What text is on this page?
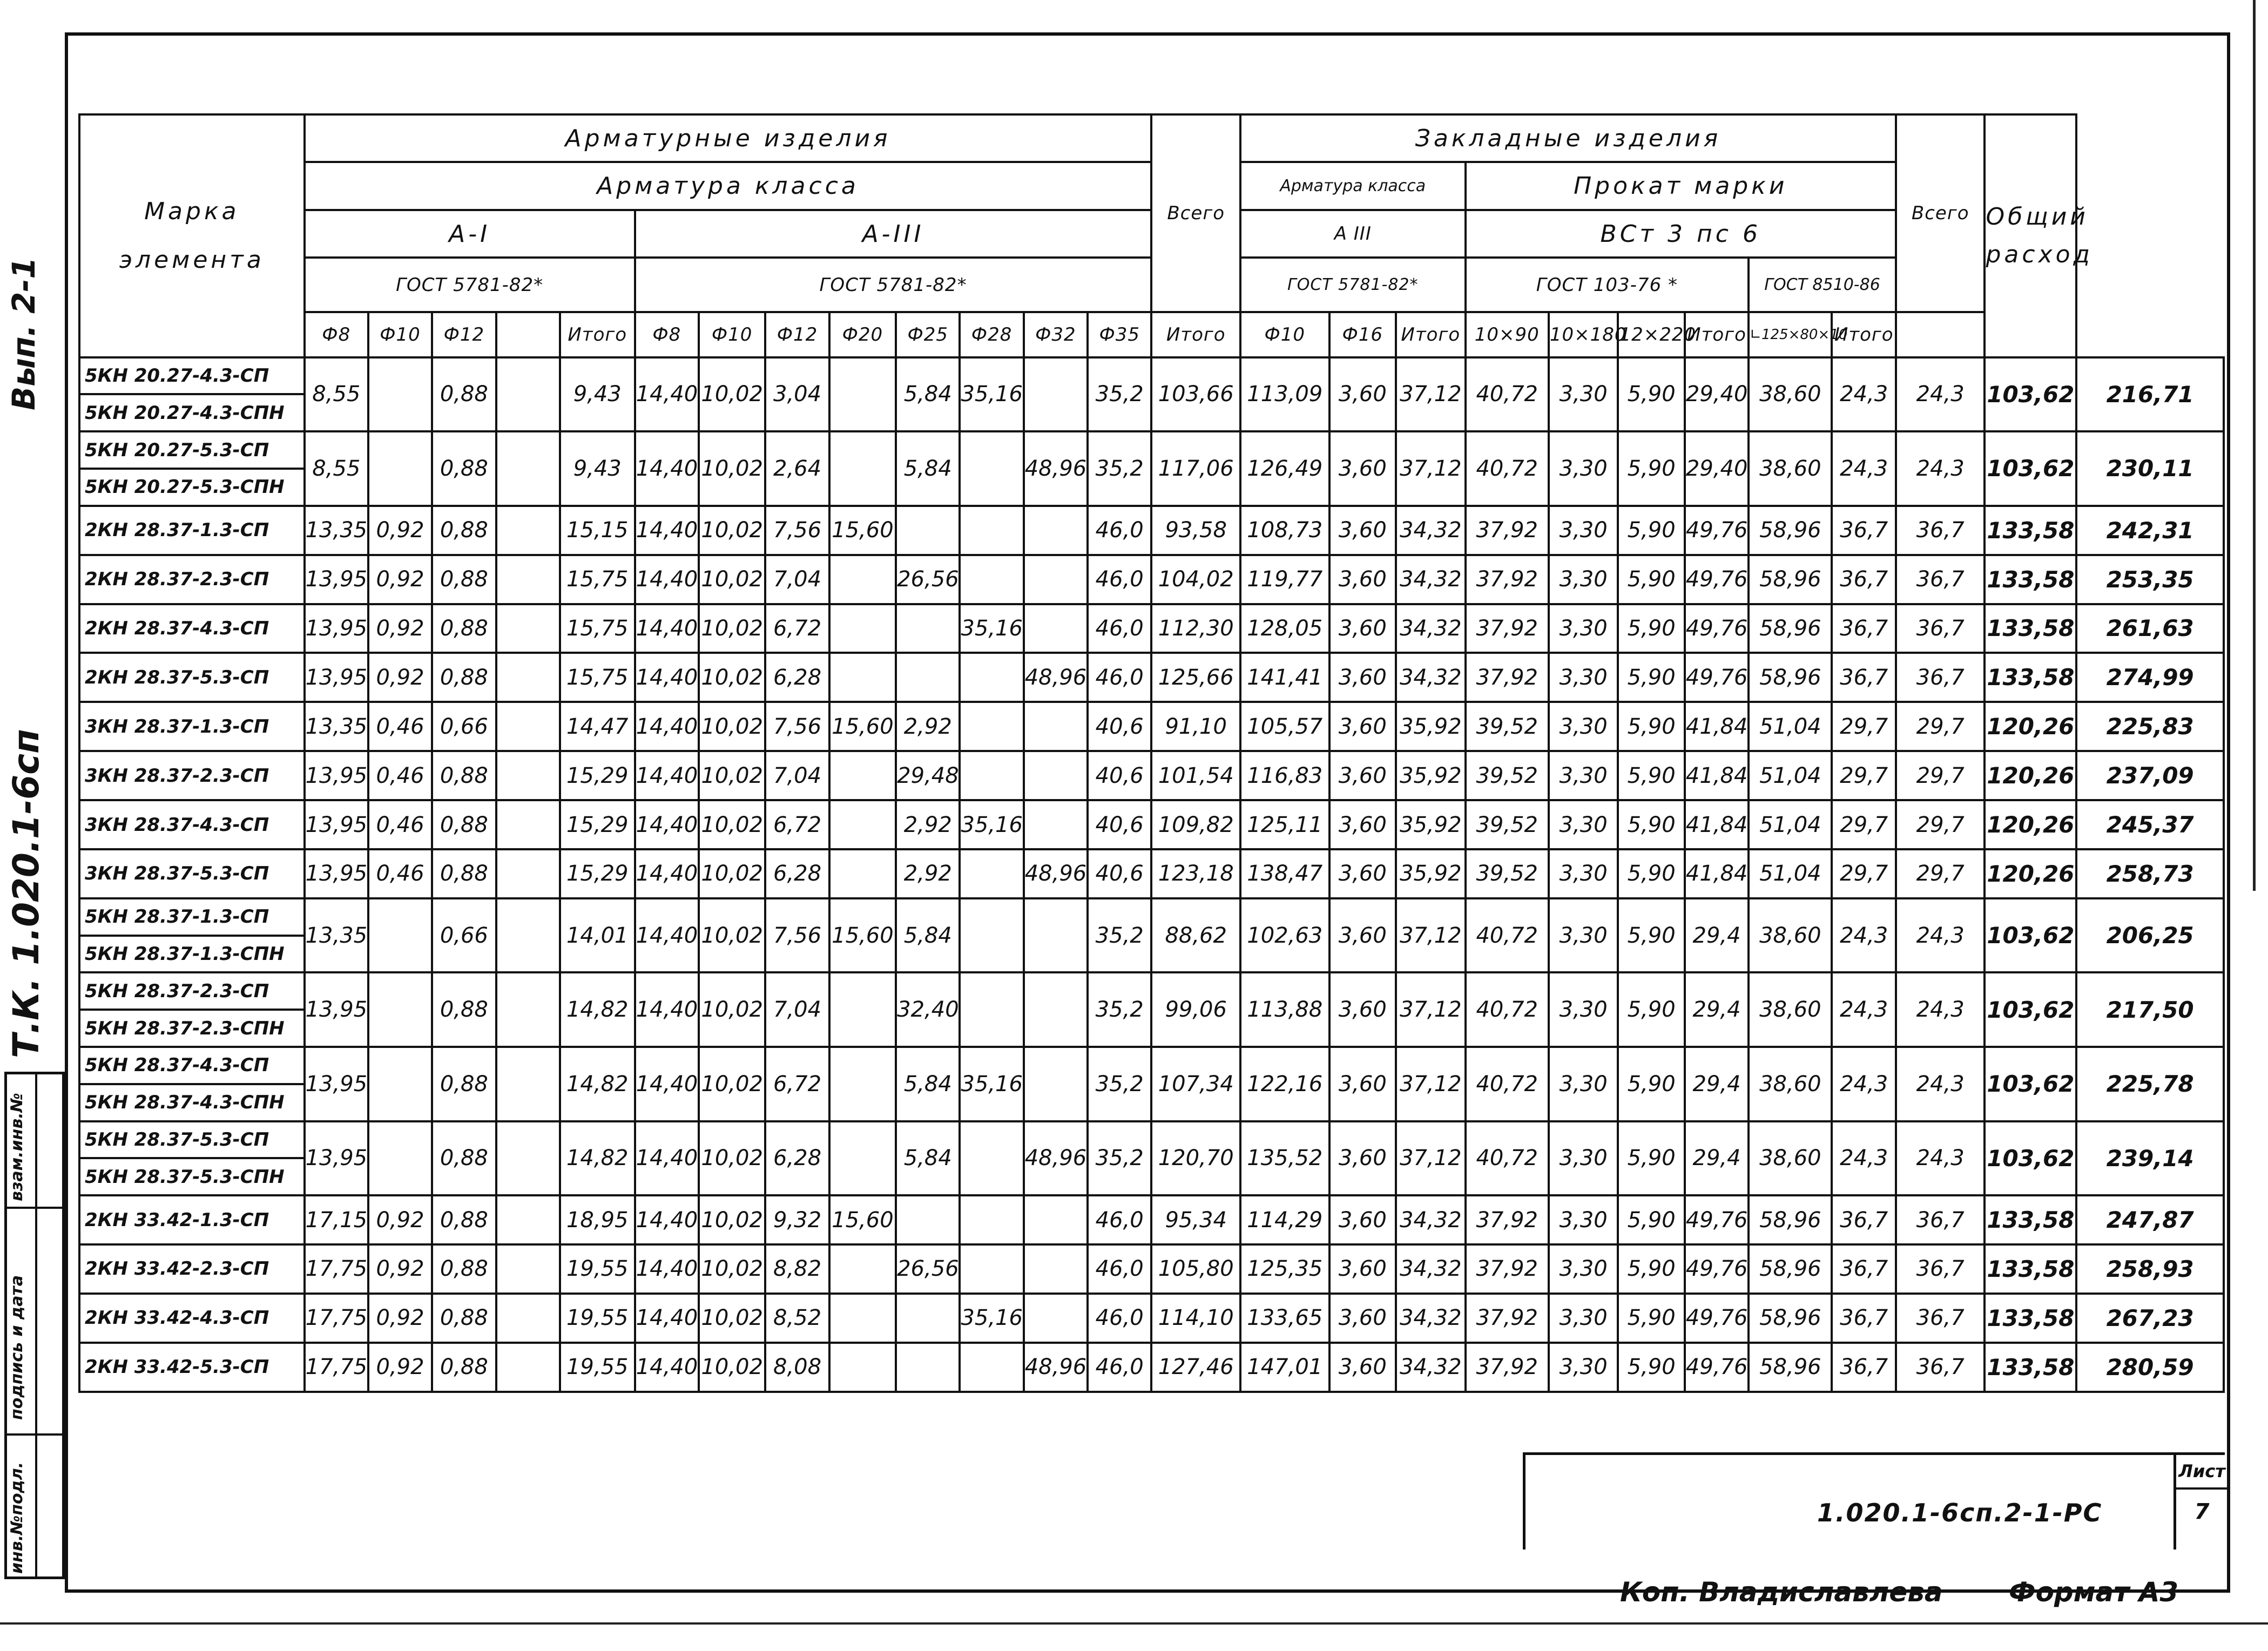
Вып. 2-1
Т.К. 1.020.1-6сп
инв.№подл.
подпись и дата
взам.инв.№
Марка элемента	Арматурные изделия													Всего	Закладные изделия									Всего	Общий расход	
	Арматура класса														Арматура класса			Прокат марки								
	А-I					А-III									А III			ВСт 3 пс 6								
	ГОСТ 5781-82*					ГОСТ 5781-82*									ГОСТ 5781-82*			ГОСТ 103-76 *				ГОСТ 8510-86				
	Ф8	Ф10	Ф12		Итого	Ф8	Ф10	Ф12	Ф20	Ф25	Ф28	Ф32	Ф35	Итого	Ф10	Ф16	Итого	10×90	10×180	12×220	Итого	∟125×80×10	Итого			
5КН 20.27-4.3-СП	8,55		0,88		9,43	14,40	10,02	3,04		5,84	35,16		35,2	103,66	113,09	3,60	37,12	40,72	3,30	5,90	29,40	38,60	24,3	24,3	103,62	216,71
5КН 20.27-4.3-СПН																										
5КН 20.27-5.3-СП	8,55		0,88		9,43	14,40	10,02	2,64		5,84		48,96	35,2	117,06	126,49	3,60	37,12	40,72	3,30	5,90	29,40	38,60	24,3	24,3	103,62	230,11
5КН 20.27-5.3-СПН																										
2КН 28.37-1.3-СП	13,35	0,92	0,88		15,15	14,40	10,02	7,56	15,60				46,0	93,58	108,73	3,60	34,32	37,92	3,30	5,90	49,76	58,96	36,7	36,7	133,58	242,31
2КН 28.37-2.3-СП	13,95	0,92	0,88		15,75	14,40	10,02	7,04		26,56			46,0	104,02	119,77	3,60	34,32	37,92	3,30	5,90	49,76	58,96	36,7	36,7	133,58	253,35
2КН 28.37-4.3-СП	13,95	0,92	0,88		15,75	14,40	10,02	6,72			35,16		46,0	112,30	128,05	3,60	34,32	37,92	3,30	5,90	49,76	58,96	36,7	36,7	133,58	261,63
2КН 28.37-5.3-СП	13,95	0,92	0,88		15,75	14,40	10,02	6,28				48,96	46,0	125,66	141,41	3,60	34,32	37,92	3,30	5,90	49,76	58,96	36,7	36,7	133,58	274,99
3КН 28.37-1.3-СП	13,35	0,46	0,66		14,47	14,40	10,02	7,56	15,60	2,92			40,6	91,10	105,57	3,60	35,92	39,52	3,30	5,90	41,84	51,04	29,7	29,7	120,26	225,83
3КН 28.37-2.3-СП	13,95	0,46	0,88		15,29	14,40	10,02	7,04		29,48			40,6	101,54	116,83	3,60	35,92	39,52	3,30	5,90	41,84	51,04	29,7	29,7	120,26	237,09
3КН 28.37-4.3-СП	13,95	0,46	0,88		15,29	14,40	10,02	6,72		2,92	35,16		40,6	109,82	125,11	3,60	35,92	39,52	3,30	5,90	41,84	51,04	29,7	29,7	120,26	245,37
3КН 28.37-5.3-СП	13,95	0,46	0,88		15,29	14,40	10,02	6,28		2,92		48,96	40,6	123,18	138,47	3,60	35,92	39,52	3,30	5,90	41,84	51,04	29,7	29,7	120,26	258,73
5КН 28.37-1.3-СП	13,35		0,66		14,01	14,40	10,02	7,56	15,60	5,84			35,2	88,62	102,63	3,60	37,12	40,72	3,30	5,90	29,4	38,60	24,3	24,3	103,62	206,25
5КН 28.37-1.3-СПН																										
5КН 28.37-2.3-СП	13,95		0,88		14,82	14,40	10,02	7,04		32,40			35,2	99,06	113,88	3,60	37,12	40,72	3,30	5,90	29,4	38,60	24,3	24,3	103,62	217,50
5КН 28.37-2.3-СПН																										
5КН 28.37-4.3-СП	13,95		0,88		14,82	14,40	10,02	6,72		5,84	35,16		35,2	107,34	122,16	3,60	37,12	40,72	3,30	5,90	29,4	38,60	24,3	24,3	103,62	225,78
5КН 28.37-4.3-СПН																										
5КН 28.37-5.3-СП	13,95		0,88		14,82	14,40	10,02	6,28		5,84		48,96	35,2	120,70	135,52	3,60	37,12	40,72	3,30	5,90	29,4	38,60	24,3	24,3	103,62	239,14
5КН 28.37-5.3-СПН																										
2КН 33.42-1.3-СП	17,15	0,92	0,88		18,95	14,40	10,02	9,32	15,60				46,0	95,34	114,29	3,60	34,32	37,92	3,30	5,90	49,76	58,96	36,7	36,7	133,58	247,87
2КН 33.42-2.3-СП	17,75	0,92	0,88		19,55	14,40	10,02	8,82		26,56			46,0	105,80	125,35	3,60	34,32	37,92	3,30	5,90	49,76	58,96	36,7	36,7	133,58	258,93
2КН 33.42-4.3-СП	17,75	0,92	0,88		19,55	14,40	10,02	8,52			35,16		46,0	114,10	133,65	3,60	34,32	37,92	3,30	5,90	49,76	58,96	36,7	36,7	133,58	267,23
2КН 33.42-5.3-СП	17,75	0,92	0,88		19,55	14,40	10,02	8,08				48,96	46,0	127,46	147,01	3,60	34,32	37,92	3,30	5,90	49,76	58,96	36,7	36,7	133,58	280,59
1.020.1-6сп.2-1-РС
Лист
7
Коп. Владиславлева Формат А3
